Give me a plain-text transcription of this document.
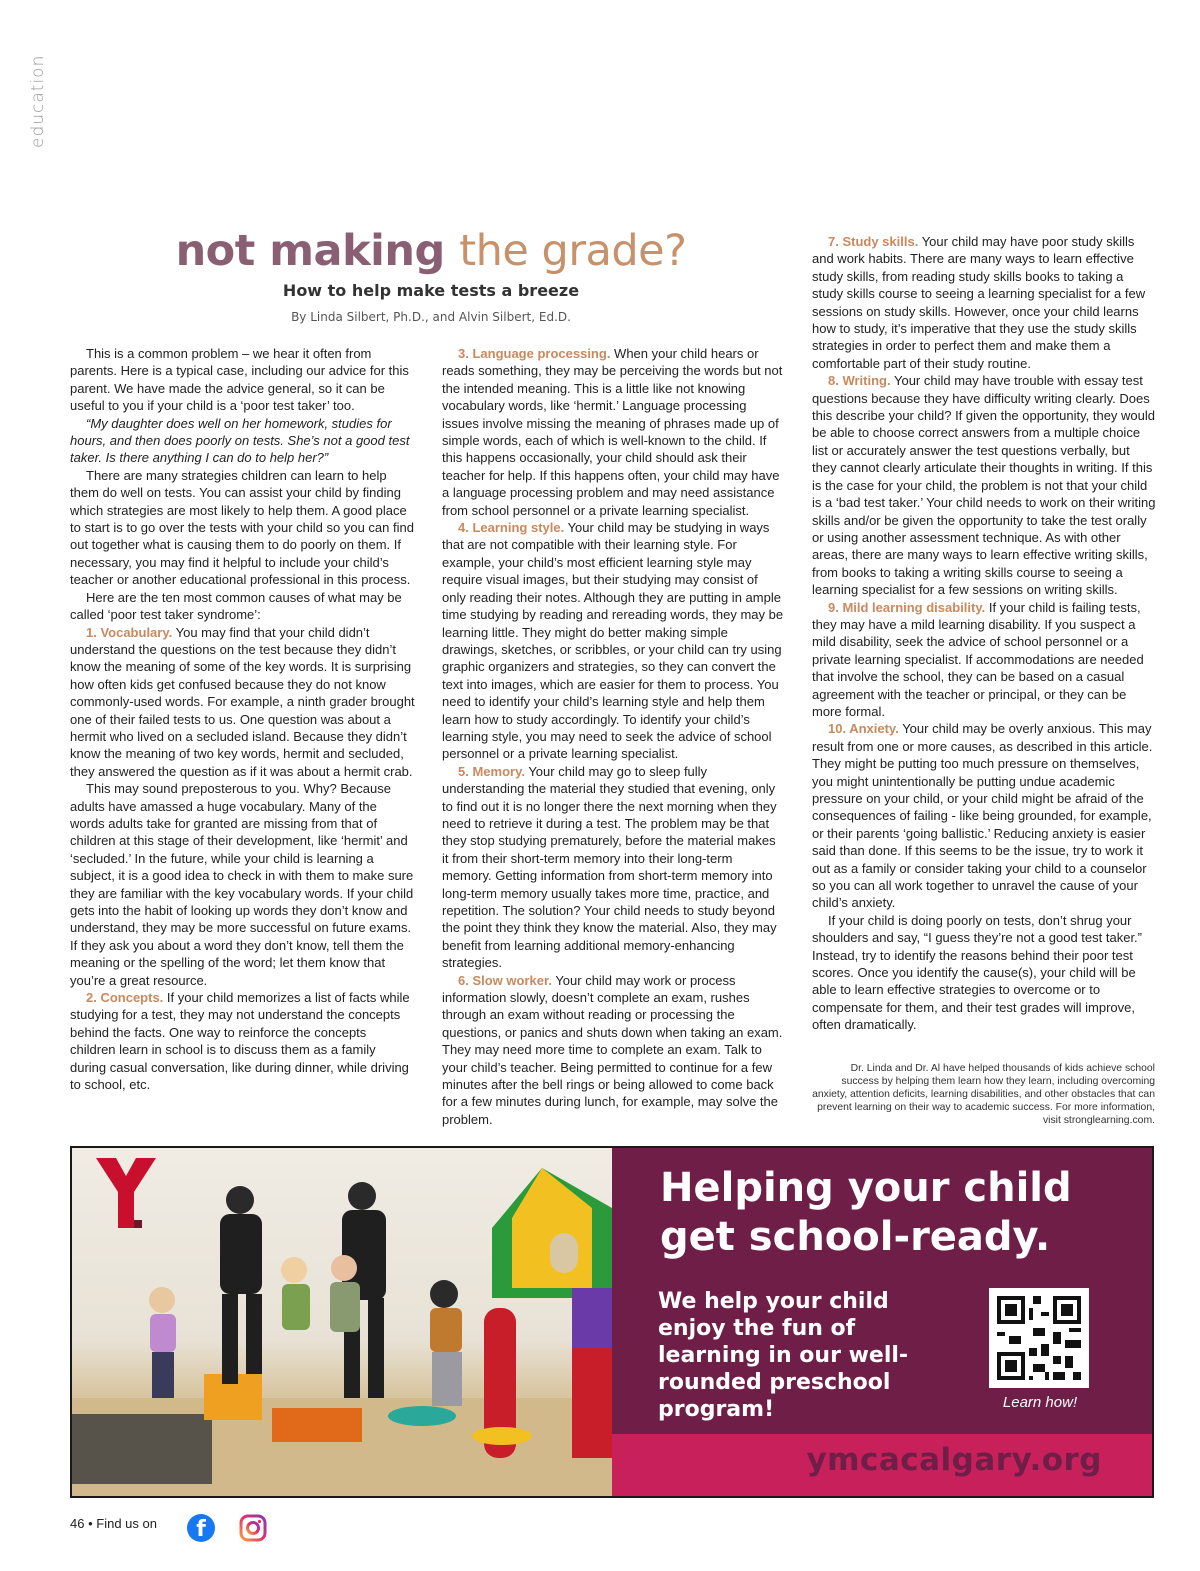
education
not making the grade?
How to help make tests a breeze
By Linda Silbert, Ph.D., and Alvin Silbert, Ed.D.

This is a common problem – we hear it often from parents. Here is a typical case, including our advice for this parent. We have made the advice general, so it can be useful to you if your child is a ‘poor test taker’ too.

“My daughter does well on her homework, studies for hours, and then does poorly on tests. She’s not a good test taker. Is there anything I can do to help her?”

There are many strategies children can learn to help them do well on tests. You can assist your child by finding which strategies are most likely to help them. A good place to start is to go over the tests with your child so you can find out together what is causing them to do poorly on them. If necessary, you may find it helpful to include your child’s teacher or another educational professional in this process.

Here are the ten most common causes of what may be called ‘poor test taker syndrome’:

1. Vocabulary. You may find that your child didn’t understand the questions on the test because they didn’t know the meaning of some of the key words. It is surprising how often kids get confused because they do not know commonly-used words. For example, a ninth grader brought one of their failed tests to us. One question was about a hermit who lived on a secluded island. Because they didn’t know the meaning of two key words, hermit and secluded, they answered the question as if it was about a hermit crab.

This may sound preposterous to you. Why? Because adults have amassed a huge vocabulary. Many of the words adults take for granted are missing from that of children at this stage of their development, like ‘hermit’ and ‘secluded.’ In the future, while your child is learning a subject, it is a good idea to check in with them to make sure they are familiar with the key vocabulary words. If your child gets into the habit of looking up words they don’t know and understand, they may be more successful on future exams. If they ask you about a word they don’t know, tell them the meaning or the spelling of the word; let them know that you’re a great resource.

2. Concepts. If your child memorizes a list of facts while studying for a test, they may not understand the concepts behind the facts. One way to reinforce the concepts children learn in school is to discuss them as a family during casual conversation, like during dinner, while driving to school, etc.

3. Language processing. When your child hears or reads something, they may be perceiving the words but not the intended meaning. This is a little like not knowing vocabulary words, like ‘hermit.’ Language processing issues involve missing the meaning of phrases made up of simple words, each of which is well-known to the child. If this happens occasionally, your child should ask their teacher for help. If this happens often, your child may have a language processing problem and may need assistance from school personnel or a private learning specialist.

4. Learning style. Your child may be studying in ways that are not compatible with their learning style. For example, your child’s most efficient learning style may require visual images, but their studying may consist of only reading their notes. Although they are putting in ample time studying by reading and rereading words, they may be learning little. They might do better making simple drawings, sketches, or scribbles, or your child can try using graphic organizers and strategies, so they can convert the text into images, which are easier for them to process. You need to identify your child’s learning style and help them learn how to study accordingly. To identify your child’s learning style, you may need to seek the advice of school personnel or a private learning specialist.

5. Memory. Your child may go to sleep fully understanding the material they studied that evening, only to find out it is no longer there the next morning when they need to retrieve it during a test. The problem may be that they stop studying prematurely, before the material makes it from their short-term memory into their long-term memory. Getting information from short-term memory into long-term memory usually takes more time, practice, and repetition. The solution? Your child needs to study beyond the point they think they know the material. Also, they may benefit from learning additional memory-enhancing strategies.

6. Slow worker. Your child may work or process information slowly, doesn’t complete an exam, rushes through an exam without reading or processing the questions, or panics and shuts down when taking an exam. They may need more time to complete an exam. Talk to your child’s teacher. Being permitted to continue for a few minutes after the bell rings or being allowed to come back for a few minutes during lunch, for example, may solve the problem.

7. Study skills. Your child may have poor study skills and work habits. There are many ways to learn effective study skills, from reading study skills books to taking a study skills course to seeing a learning specialist for a few sessions on study skills. However, once your child learns how to study, it’s imperative that they use the study skills strategies in order to perfect them and make them a comfortable part of their study routine.

8. Writing. Your child may have trouble with essay test questions because they have difficulty writing clearly. Does this describe your child? If given the opportunity, they would be able to choose correct answers from a multiple choice list or accurately answer the test questions verbally, but they cannot clearly articulate their thoughts in writing. If this is the case for your child, the problem is not that your child is a ‘bad test taker.’ Your child needs to work on their writing skills and/or be given the opportunity to take the test orally or using another assessment technique. As with other areas, there are many ways to learn effective writing skills, from books to taking a writing skills course to seeing a learning specialist for a few sessions on writing skills.

9. Mild learning disability. If your child is failing tests, they may have a mild learning disability. If you suspect a mild disability, seek the advice of school personnel or a private learning specialist. If accommodations are needed that involve the school, they can be based on a casual agreement with the teacher or principal, or they can be more formal.

10. Anxiety. Your child may be overly anxious. This may result from one or more causes, as described in this article. They might be putting too much pressure on themselves, you might unintentionally be putting undue academic pressure on your child, or your child might be afraid of the consequences of failing - like being grounded, for example, or their parents ‘going ballistic.’ Reducing anxiety is easier said than done. If this seems to be the issue, try to work it out as a family or consider taking your child to a counselor so you can all work together to unravel the cause of your child’s anxiety.

If your child is doing poorly on tests, don’t shrug your shoulders and say, “I guess they’re not a good test taker.” Instead, try to identify the reasons behind their poor test scores. Once you identify the cause(s), your child will be able to learn effective strategies to overcome or to compensate for them, and their test grades will improve, often dramatically.

Dr. Linda and Dr. Al have helped thousands of kids achieve school success by helping them learn how they learn, including overcoming anxiety, attention deficits, learning disabilities, and other obstacles that can prevent learning on their way to academic success. For more information, visit stronglearning.com.
Helping your child get school-ready.
We help your child enjoy the fun of learning in our well-rounded preschool program!	Learn how!
ymcacalgary.org
46 • Find us on	f
